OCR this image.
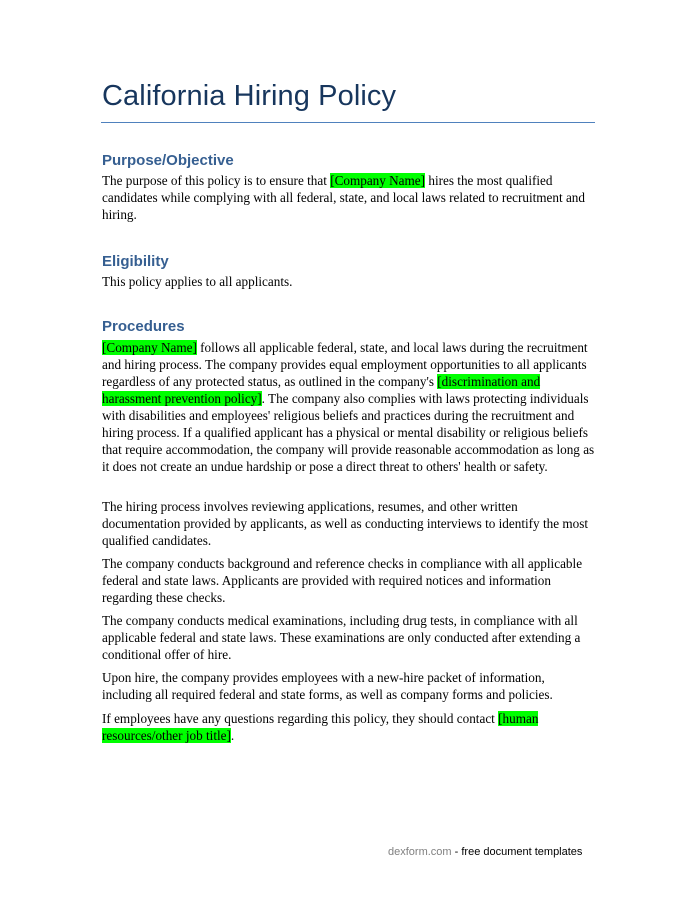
California Hiring Policy
Purpose/Objective

The purpose of this policy is to ensure that [Company Name] hires the most qualified candidates while complying with all federal, state, and local laws related to recruitment and hiring.

Eligibility

This policy applies to all applicants.

Procedures

[Company Name] follows all applicable federal, state, and local laws during the recruitment and hiring process. The company provides equal employment opportunities to all applicants regardless of any protected status, as outlined in the company's [discrimination and harassment prevention policy]. The company also complies with laws protecting individuals with disabilities and employees' religious beliefs and practices during the recruitment and hiring process. If a qualified applicant has a physical or mental disability or religious beliefs that require accommodation, the company will provide reasonable accommodation as long as it does not create an undue hardship or pose a direct threat to others' health or safety.

The hiring process involves reviewing applications, resumes, and other written documentation provided by applicants, as well as conducting interviews to identify the most qualified candidates.

The company conducts background and reference checks in compliance with all applicable federal and state laws. Applicants are provided with required notices and information regarding these checks.

The company conducts medical examinations, including drug tests, in compliance with all applicable federal and state laws. These examinations are only conducted after extending a conditional offer of hire.

Upon hire, the company provides employees with a new-hire packet of information, including all required federal and state forms, as well as company forms and policies.

If employees have any questions regarding this policy, they should contact [human resources/other job title].

dexform.com - free document templates
